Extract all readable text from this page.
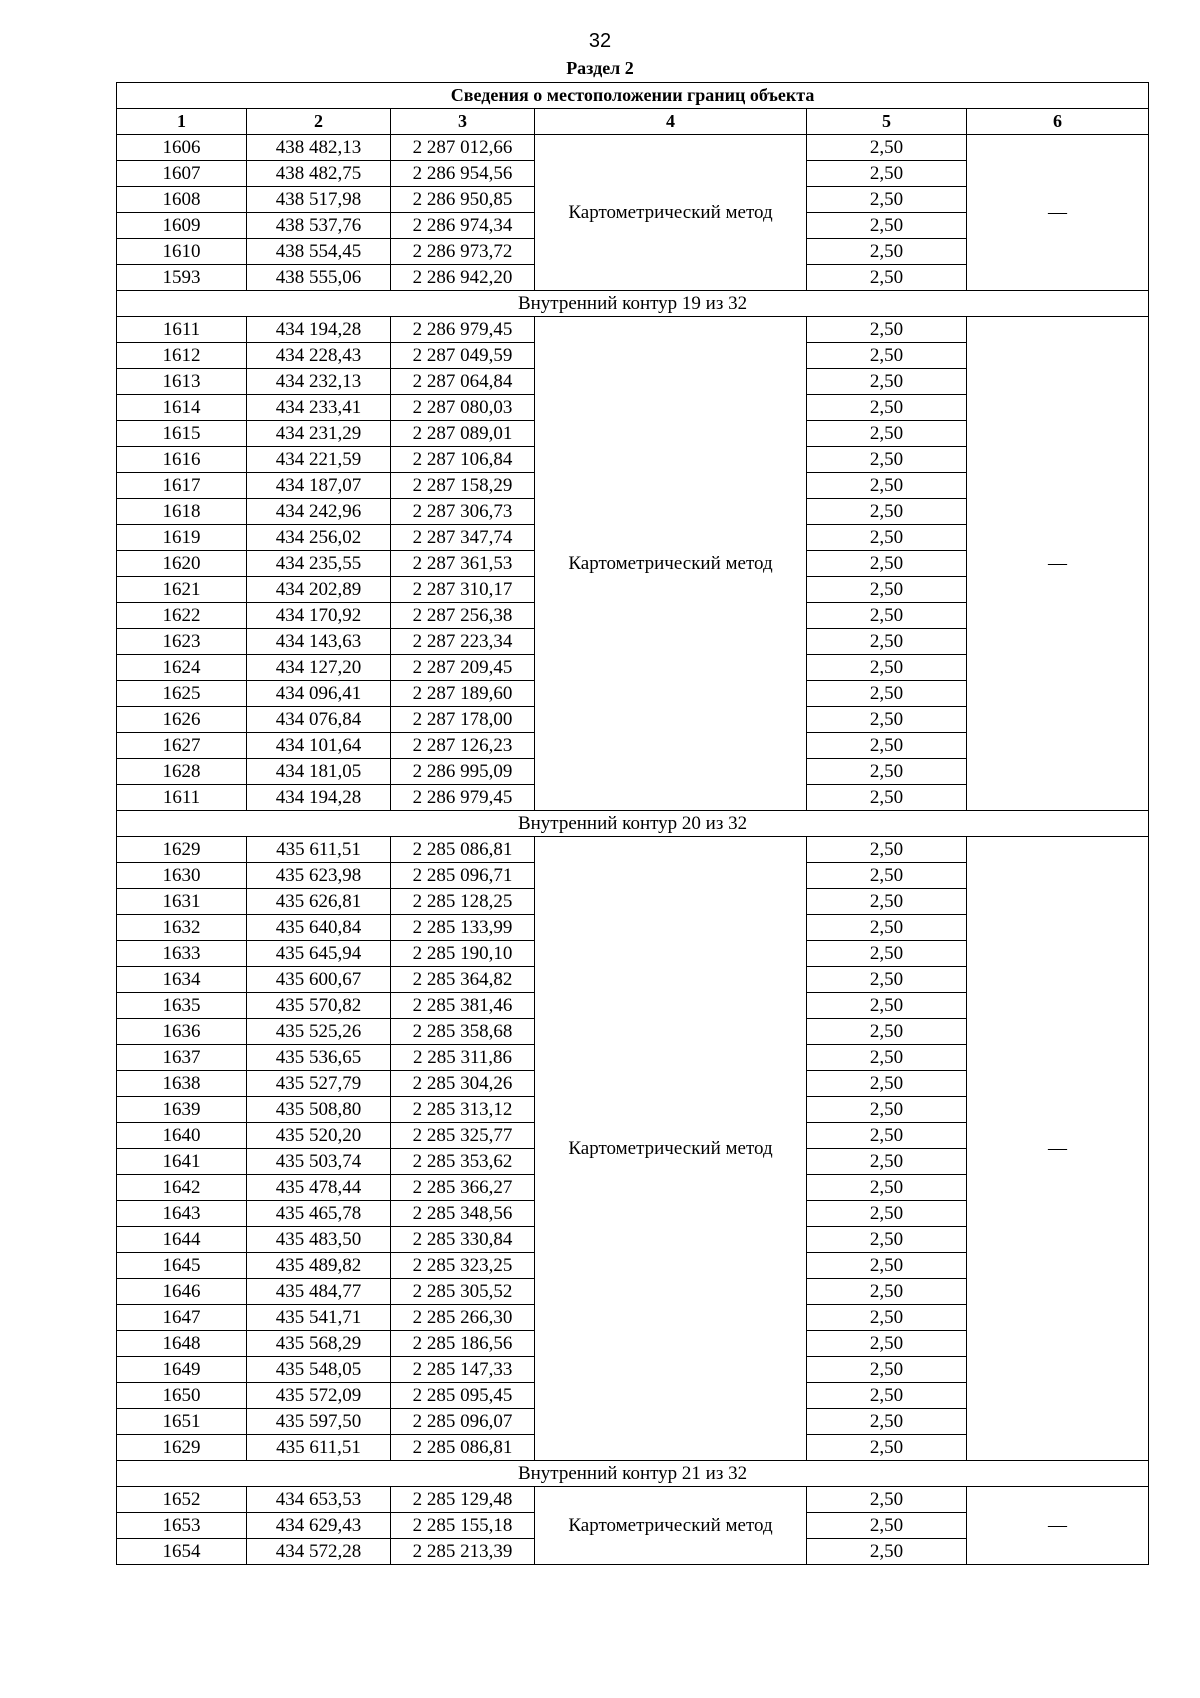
32
Раздел 2
Сведения о местоположении границ объекта					
1	2	3	4	5	6
1606	438 482,13	2 287 012,66	Картометрический метод	2,50	—
1607	438 482,75	2 286 954,56		2,50	
1608	438 517,98	2 286 950,85		2,50	
1609	438 537,76	2 286 974,34		2,50	
1610	438 554,45	2 286 973,72		2,50	
1593	438 555,06	2 286 942,20		2,50	
Внутренний контур 19 из 32					
1611	434 194,28	2 286 979,45	Картометрический метод	2,50	—
1612	434 228,43	2 287 049,59		2,50	
1613	434 232,13	2 287 064,84		2,50	
1614	434 233,41	2 287 080,03		2,50	
1615	434 231,29	2 287 089,01		2,50	
1616	434 221,59	2 287 106,84		2,50	
1617	434 187,07	2 287 158,29		2,50	
1618	434 242,96	2 287 306,73		2,50	
1619	434 256,02	2 287 347,74		2,50	
1620	434 235,55	2 287 361,53		2,50	
1621	434 202,89	2 287 310,17		2,50	
1622	434 170,92	2 287 256,38		2,50	
1623	434 143,63	2 287 223,34		2,50	
1624	434 127,20	2 287 209,45		2,50	
1625	434 096,41	2 287 189,60		2,50	
1626	434 076,84	2 287 178,00		2,50	
1627	434 101,64	2 287 126,23		2,50	
1628	434 181,05	2 286 995,09		2,50	
1611	434 194,28	2 286 979,45		2,50	
Внутренний контур 20 из 32					
1629	435 611,51	2 285 086,81	Картометрический метод	2,50	—
1630	435 623,98	2 285 096,71		2,50	
1631	435 626,81	2 285 128,25		2,50	
1632	435 640,84	2 285 133,99		2,50	
1633	435 645,94	2 285 190,10		2,50	
1634	435 600,67	2 285 364,82		2,50	
1635	435 570,82	2 285 381,46		2,50	
1636	435 525,26	2 285 358,68		2,50	
1637	435 536,65	2 285 311,86		2,50	
1638	435 527,79	2 285 304,26		2,50	
1639	435 508,80	2 285 313,12		2,50	
1640	435 520,20	2 285 325,77		2,50	
1641	435 503,74	2 285 353,62		2,50	
1642	435 478,44	2 285 366,27		2,50	
1643	435 465,78	2 285 348,56		2,50	
1644	435 483,50	2 285 330,84		2,50	
1645	435 489,82	2 285 323,25		2,50	
1646	435 484,77	2 285 305,52		2,50	
1647	435 541,71	2 285 266,30		2,50	
1648	435 568,29	2 285 186,56		2,50	
1649	435 548,05	2 285 147,33		2,50	
1650	435 572,09	2 285 095,45		2,50	
1651	435 597,50	2 285 096,07		2,50	
1629	435 611,51	2 285 086,81		2,50	
Внутренний контур 21 из 32					
1652	434 653,53	2 285 129,48	Картометрический метод	2,50	—
1653	434 629,43	2 285 155,18		2,50	
1654	434 572,28	2 285 213,39		2,50	
